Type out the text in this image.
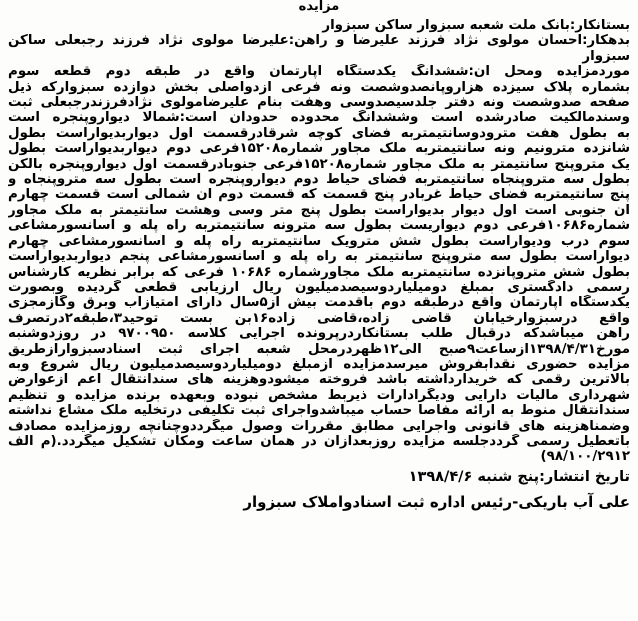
مزایده
بستانکار:بانک ملت شعبه سبزوار ساکن سبزوار
بدهکار:احسان مولوی نژاد فرزند علیرضا و راهن:علیرضا مولوی نژاد فرزند رجبعلی ساکن
سبزوار
موردمزایده ومحل آن:ششدانگ یکدستگاه آپارتمان واقع در طبقه دوم قطعه سوم
بشماره پلاک سیزده هزاروپانصدوشصت ونه فرعی ازدواصلی بخش دوازده سبزوارکه ذیل
صفحه صدوشصت ونه دفتر جلدسیصدوسی وهفت بنام علیرضامولوی نژادفرزندرجبعلی ثبت
وسندمالکیت صادرشده است وششدانگ محدوده حدودآن است:شمالا دیواروپنجره است
به بطول هفت مترودوسانتیمتربه فضای کوچه شرقادرقسمت اول دیواربدیواراست بطول
شانزده مترونیم ونه سانتیمتربه ملک مجاور شماره۱۵۲۰۸فرعی دوم دیواربدیواراست بطول
یک متروپنج سانتیمتر به ملک مجاور شماره۱۵۲۰۸فرعی جنوبادرقسمت اول دیواروپنجره بالکن
بطول سه متروپنجاه سانتیمتربه فضای حیاط دوم دیواروپنجره است بطول سه متروپنجاه و
پنج سانتیمتربه فضای حیاط غربادر پنج قسمت که قسمت دوم آن شمالی است قسمت چهارم
آن جنوبی است اول دیوار بدیواراست بطول پنج متر وسی وهشت سانتیمتر به ملک مجاور
شماره۱۰۶۸۶فرعی دوم دیواریست بطول سه مترونه سانتیمتربه راه پله و آسانسورمشاعی
سوم درب ودیواراست بطول شش مترویک سانتیمتربه راه پله و آسانسورمشاعی چهارم
دیواراست بطول سه متروپنج سانتیمتر به راه پله و آسانسورمشاعی پنجم دیواربدیواراست
بطول شش متروپانزده سانتیمتربه ملک مجاورشماره ۱۰۶۸۶ فرعی که برابر نظریه کارشناس
رسمی دادگستری بمبلغ دومیلیاردوسیصدمیلیون ریال ارزیابی قطعی گردیده وبصورت
یکدستگاه آپارتمان واقع درطبقه دوم باقدمت بیش از۵سال دارای امتیازآب وبرق وگازمجزی
واقع درسبزوارخیابان قاضی زاده،قاضی زاده۱۶بن بست توحید۳،طبقه۲درتصرف
راهن میباشدکه درقبال طلب بستانکاردرپرونده اجرایی کلاسه ۹۷۰۰۹۵۰ در روزدوشنبه
مورخ۱۳۹۸/۴/۳۱ازساعت۹صبح الی۱۲ظهردرمحل شعبه اجرای ثبت اسنادسبزوارازطریق
مزایده حضوری نقدابفروش میرسدمزایده ازمبلغ دومیلیاردوسیصدمیلیون ریال شروع وبه
بالاترین رقمی که خریدارداشته باشد فروخته میشودوهزینه های سندانتقال اعم ازعوارض
شهرداری مالیات دارایی ودیگرادارات ذیربط مشخص نبوده وبعهده برنده مزایده و تنظیم
سندانتقال منوط به ارائه مفاصا حساب میباشدواجرای ثبت تکلیفی درتخلیه ملک مشاع نداشته
وضمناهزینه های قانونی واجرایی مطابق مقررات وصول میگرددوچنانچه روزمزایده مصادف
باتعطیل رسمی گرددجلسه مزایده روزبعدازآن در همان ساعت ومکان تشکیل میگردد.(م الف
۹۸/۱۰۰/۲۹۱۲)
تاریخ انتشار:پنج شنبه ۱۳۹۸/۴/۶
علی آب باریکی-رئیس اداره ثبت اسنادواملاک سبزوار
